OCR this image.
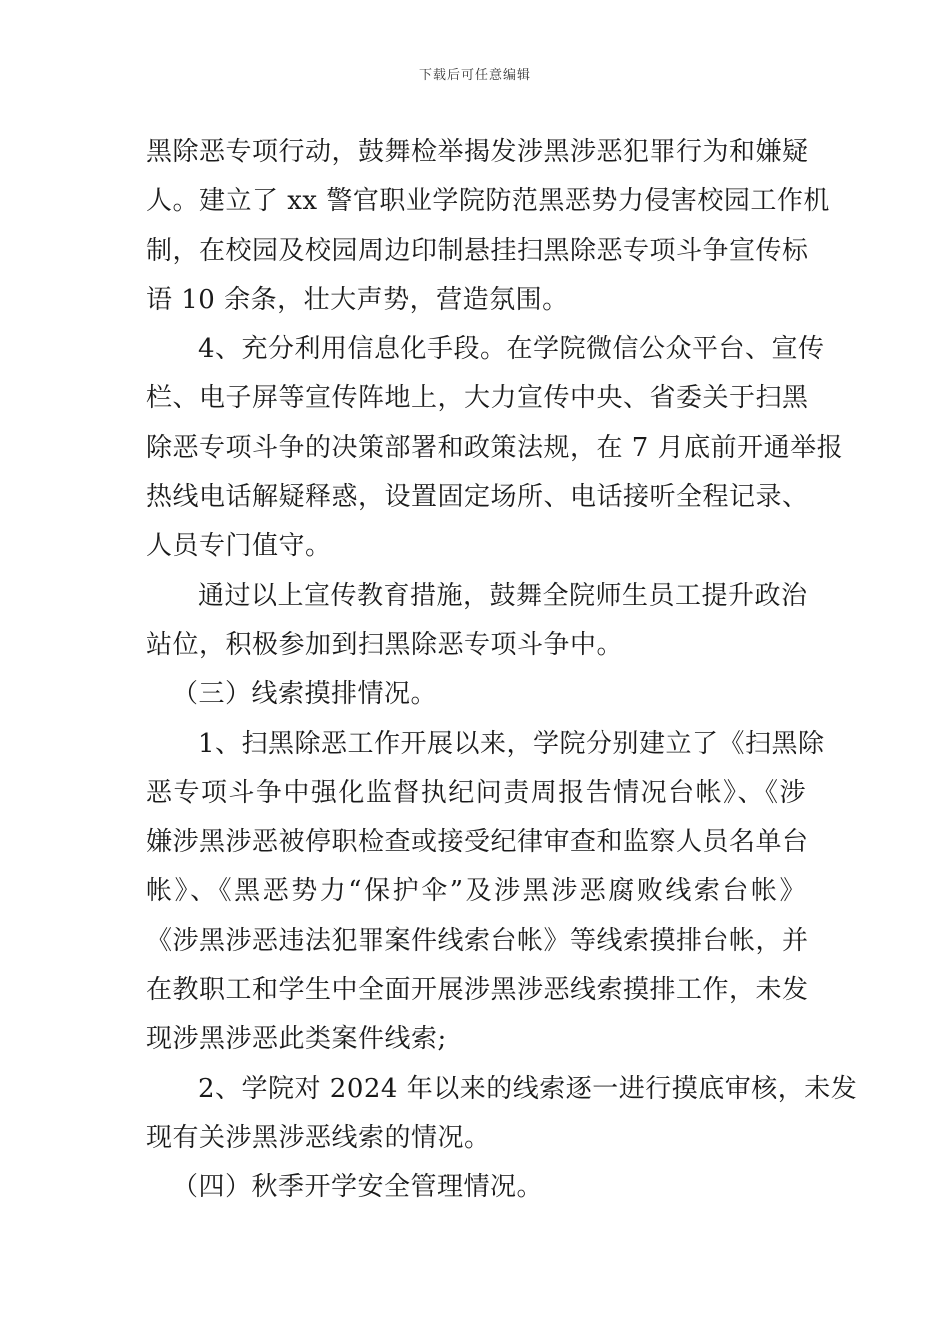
下载后可任意编辑
黑除恶专项行动，鼓舞检举揭发涉黑涉恶犯罪行为和嫌疑
人。建立了 xx 警官职业学院防范黑恶势力侵害校园工作机
制，在校园及校园周边印制悬挂扫黑除恶专项斗争宣传标
语 10 余条，壮大声势，营造氛围。
4、充分利用信息化手段。在学院微信公众平台、宣传
栏、电子屏等宣传阵地上，大力宣传中央、省委关于扫黑
除恶专项斗争的决策部署和政策法规，在 7 月底前开通举报
热线电话解疑释惑，设置固定场所、电话接听全程记录、
人员专门值守。
通过以上宣传教育措施，鼓舞全院师生员工提升政治
站位，积极参加到扫黑除恶专项斗争中。
（三）线索摸排情况。
1、扫黑除恶工作开展以来，学院分别建立了《扫黑除
恶专项斗争中强化监督执纪问责周报告情况台帐》、《涉
嫌涉黑涉恶被停职检查或接受纪律审查和监察人员名单台
帐》、《黑恶势力“保护伞”及涉黑涉恶腐败线索台帐》
《涉黑涉恶违法犯罪案件线索台帐》等线索摸排台帐，并
在教职工和学生中全面开展涉黑涉恶线索摸排工作，未发
现涉黑涉恶此类案件线索;
2、学院对 2024 年以来的线索逐一进行摸底审核，未发
现有关涉黑涉恶线索的情况。
（四）秋季开学安全管理情况。
